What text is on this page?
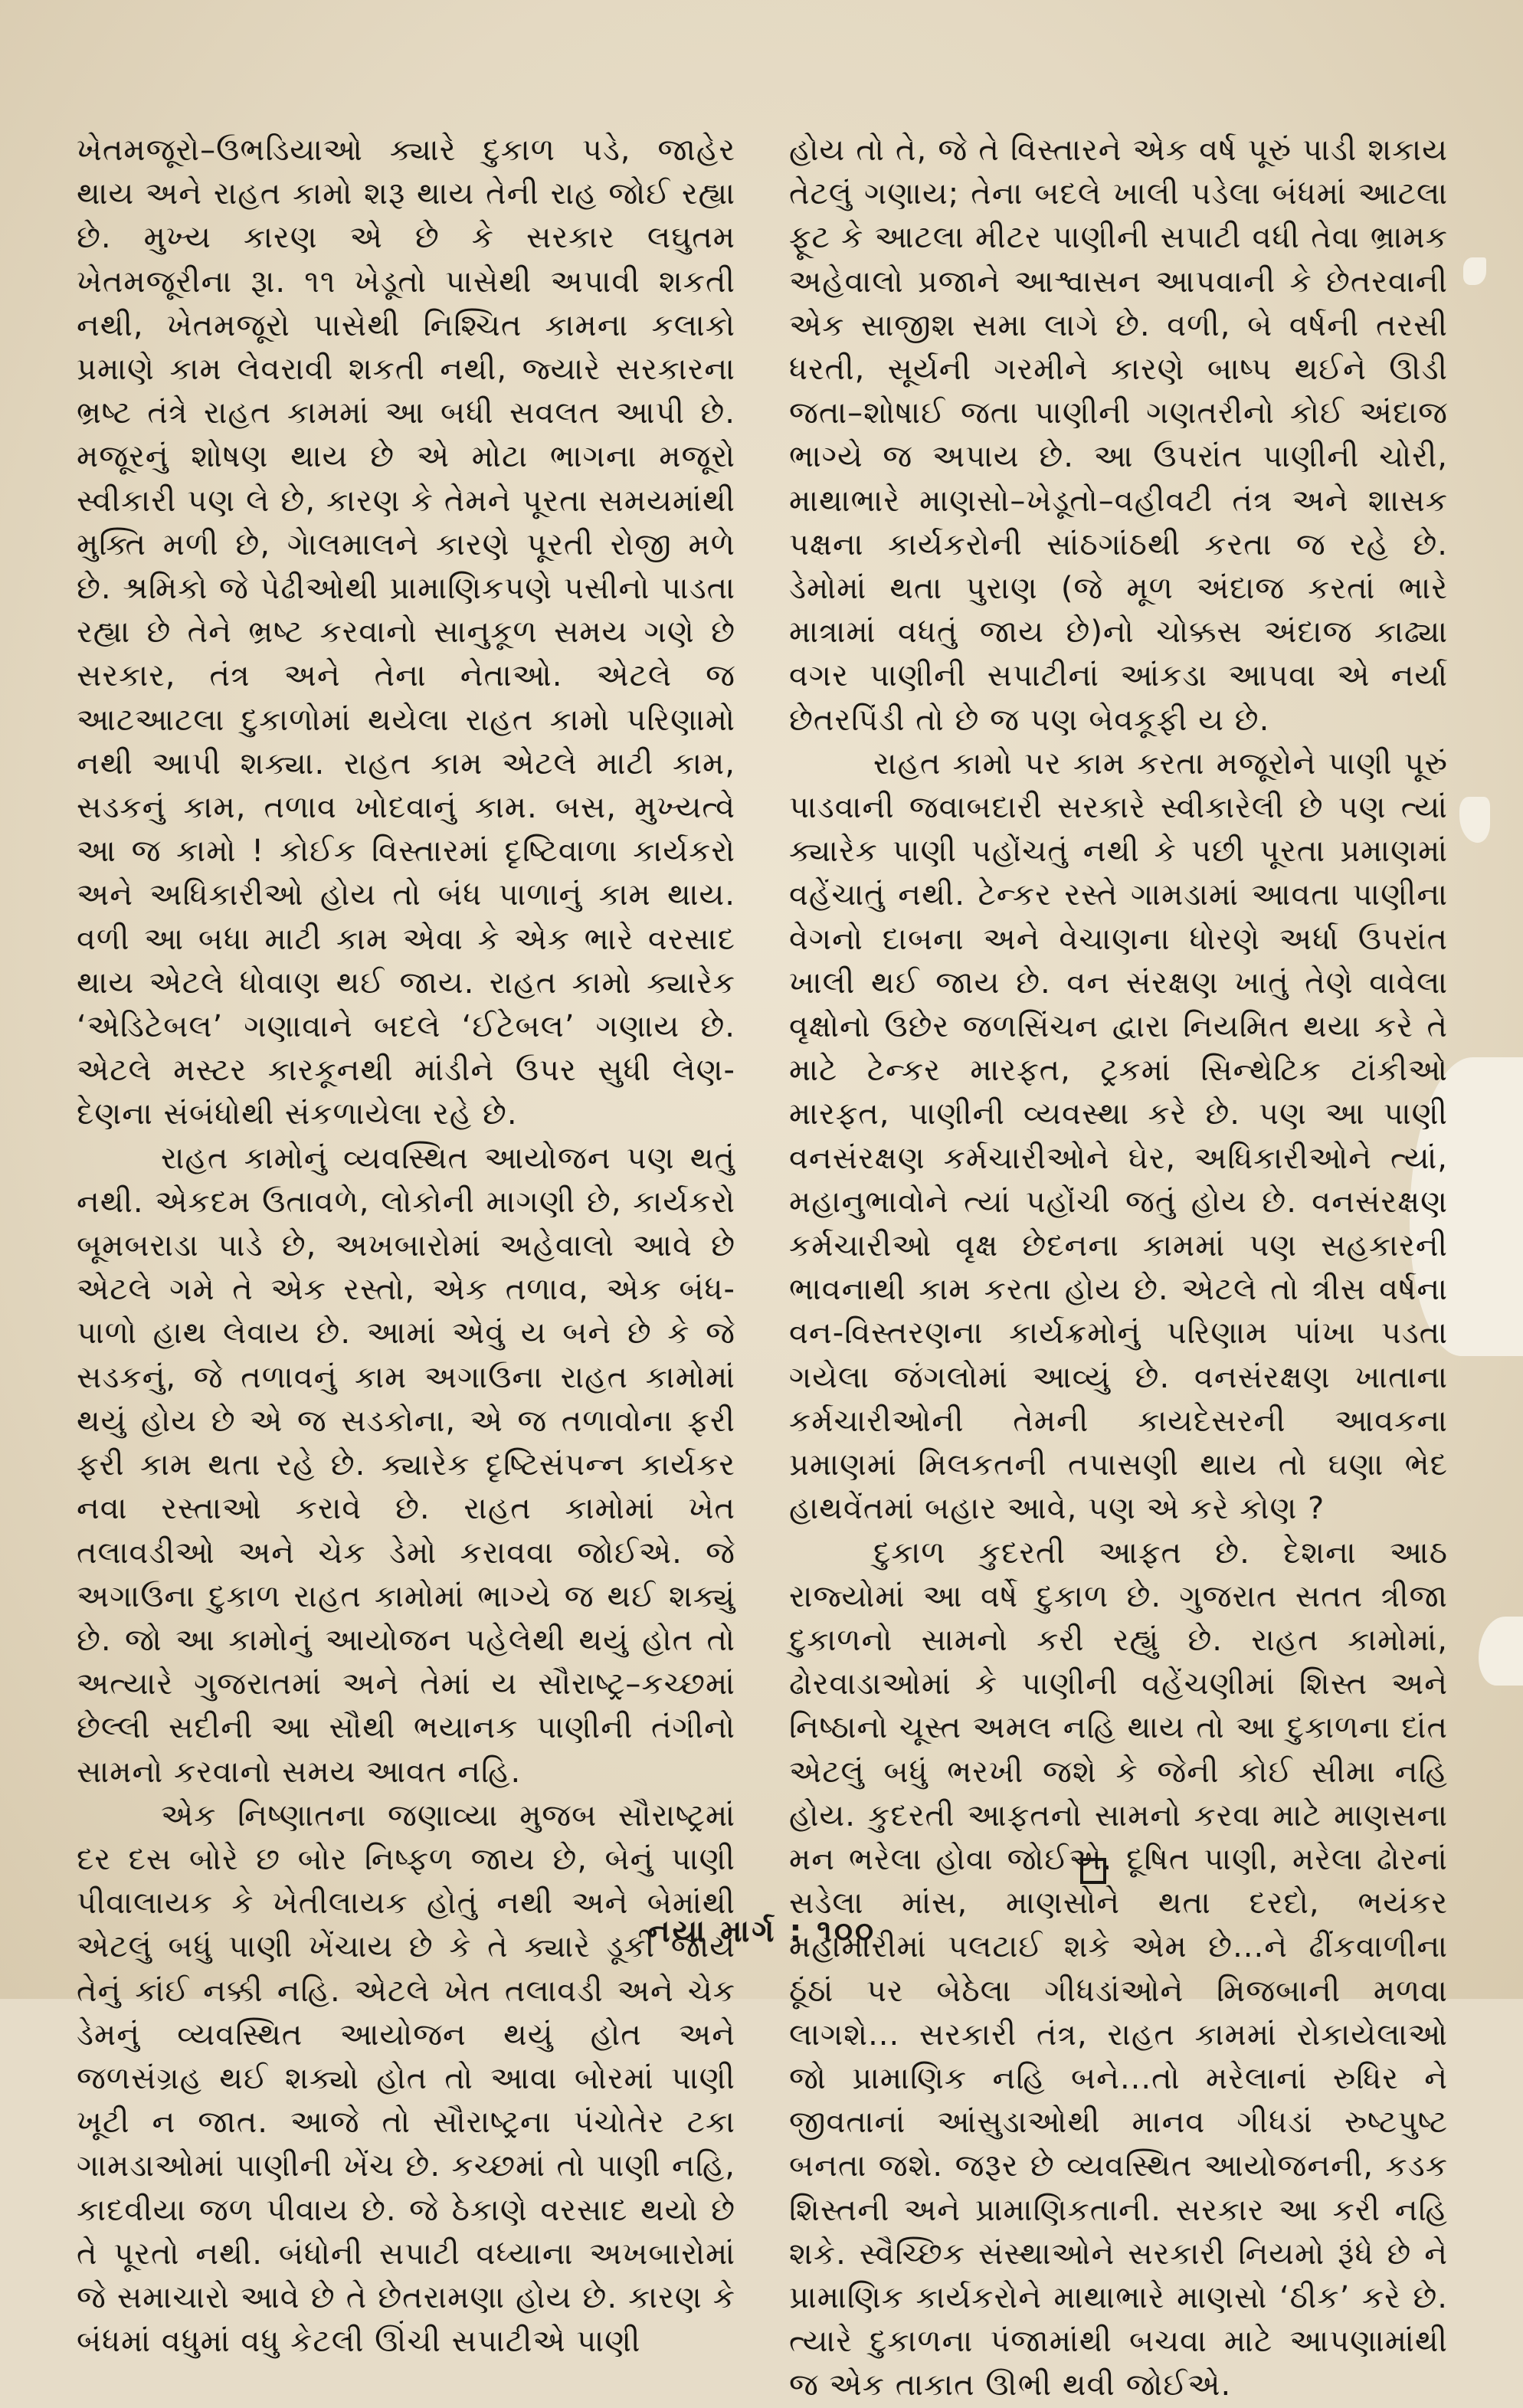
ખેતમજૂરો–ઉભડિયાઓ ક્યારે દુકાળ પડે, જાહેર થાય અને રાહત કામો શરૂ થાય તેની રાહ જોઈ રહ્યા છે. મુખ્ય કારણ એ છે કે સરકાર લઘુતમ ખેતમજૂરીના રૂા. ૧૧ ખેડૂતો પાસેથી અપાવી શકતી નથી, ખેતમજૂરો પાસેથી નિશ્ચિત કામના કલાકો પ્રમાણે કામ લેવરાવી શકતી નથી, જ્યારે સરકારના ભ્રષ્ટ તંત્રે રાહત કામમાં આ બધી સવલત આપી છે. મજૂરનું શોષણ થાય છે એ મોટા ભાગના મજૂરો સ્વીકારી પણ લે છે, કારણ કે તેમને પૂરતા સમયમાંથી મુક્તિ મળી છે, ગેાલમાલને કારણે પૂરતી રોજી મળે છે. શ્રમિકો જે પેઢીઓથી પ્રામાણિકપણે પસીનો પાડતા રહ્યા છે તેને ભ્રષ્ટ કરવાનો સાનુકૂળ સમય ગણે છે સરકાર, તંત્ર અને તેના નેતાઓ. એટલે જ આટઆટલા દુકાળોમાં થયેલા રાહત કામો પરિણામો નથી આપી શક્યા. રાહત કામ એટલે માટી કામ, સડકનું કામ, તળાવ ખોદવાનું કામ. બસ, મુખ્યત્વે આ જ કામો ! કોઈક વિસ્તારમાં દૃષ્ટિવાળા કાર્યકરો અને અધિકારીઓ હોય તો બંધ પાળાનું કામ થાય. વળી આ બધા માટી કામ એવા કે એક ભારે વરસાદ થાય એટલે ધોવાણ થઈ જાય. રાહત કામો ક્યારેક ‘એડિટેબલ’ ગણાવાને બદલે ‘ઈટેબલ’ ગણાય છે. એટલે મસ્ટર કારકૂનથી માંડીને ઉપર સુધી લેણ-દેણના સંબંધોથી સંકળાયેલા રહે છે.

રાહત કામોનું વ્યવસ્થિત આયોજન પણ થતું નથી. એકદમ ઉતાવળે, લોકોની માગણી છે, કાર્યકરો બૂમબરાડા પાડે છે, અખબારોમાં અહેવાલો આવે છે એટલે ગમે તે એક રસ્તો, એક તળાવ, એક બંધ-પાળો હાથ લેવાય છે. આમાં એવું ય બને છે કે જે સડકનું, જે તળાવનું કામ અગાઉના રાહત કામોમાં થયું હોય છે એ જ સડકોના, એ જ તળાવોના ફરી ફરી કામ થતા રહે છે. ક્યારેક દૃષ્ટિસંપન્ન કાર્યકર નવા રસ્તાઓ કરાવે છે. રાહત કામોમાં ખેત તલાવડીઓ અને ચેક ડેમો કરાવવા જોઈએ. જે અગાઉના દુકાળ રાહત કામોમાં ભાગ્યે જ થઈ શક્યું છે. જો આ કામોનું આયોજન પહેલેથી થયું હોત તો અત્યારે ગુજરાતમાં અને તેમાં ય સૌરાષ્ટ્ર–કચ્છમાં છેલ્લી સદીની આ સૌથી ભયાનક પાણીની તંગીનો સામનો કરવાનો સમય આવત નહિ.

એક નિષ્ણાતના જણાવ્યા મુજબ સૌરાષ્ટ્રમાં દર દસ બોરે છ બોર નિષ્ફળ જાય છે, બેનું પાણી પીવાલાયક કે ખેતીલાયક હોતું નથી અને બેમાંથી એટલું બધું પાણી ખેંચાય છે કે તે ક્યારે ડૂકી જાય તેનું કાંઈ નક્કી નહિ. એટલે ખેત તલાવડી અને ચેક ડેમનું વ્યવસ્થિત આયોજન થયું હોત અને જળસંગ્રહ થઈ શક્યો હોત તો આવા બોરમાં પાણી ખૂટી ન જાત. આજે તો સૌરાષ્ટ્રના પંચોતેર ટકા ગામડાઓમાં પાણીની ખેંચ છે. કચ્છમાં તો પાણી નહિ, કાદવીયા જળ પીવાય છે. જે ઠેકાણે વરસાદ થયો છે તે પૂરતો નથી. બંધોની સપાટી વધ્યાના અખબારોમાં જે સમાચારો આવે છે તે છેતરામણા હોય છે. કારણ કે બંધમાં વધુમાં વધુ કેટલી ઊંચી સપાટીએ પાણી

હોય તો તે, જે તે વિસ્તારને એક વર્ષ પૂરું પાડી શકાય તેટલું ગણાય; તેના બદલે ખાલી પડેલા બંધમાં આટલા ફૂટ કે આટલા મીટર પાણીની સપાટી વધી તેવા ભ્રામક અહેવાલો પ્રજાને આશ્વાસન આપવાની કે છેતરવાની એક સાજીશ સમા લાગે છે. વળી, બે વર્ષની તરસી ધરતી, સૂર્યની ગરમીને કારણે બાષ્પ થઈને ઊડી જતા–શોષાઈ જતા પાણીની ગણતરીનો કોઈ અંદાજ ભાગ્યે જ અપાય છે. આ ઉપરાંત પાણીની ચોરી, માથાભારે માણસો–ખેડૂતો–વહીવટી તંત્ર અને શાસક પક્ષના કાર્યકરોની સાંઠગાંઠથી કરતા જ રહે છે. ડેમોમાં થતા પુરાણ (જે મૂળ અંદાજ કરતાં ભારે માત્રામાં વધતું જાય છે)નો ચોક્કસ અંદાજ કાઢ્યા વગર પાણીની સપાટીનાં આંકડા આપવા એ નર્યા છેતરપિંડી તો છે જ પણ બેવકૂફી ય છે.

રાહત કામો પર કામ કરતા મજૂરોને પાણી પૂરું પાડવાની જવાબદારી સરકારે સ્વીકારેલી છે પણ ત્યાં ક્યારેક પાણી પહોંચતું નથી કે પછી પૂરતા પ્રમાણમાં વહેંચાતું નથી. ટેન્કર રસ્તે ગામડામાં આવતા પાણીના વેગનો દાબના અને વેચાણના ધોરણે અર્ધા ઉપરાંત ખાલી થઈ જાય છે. વન સંરક્ષણ ખાતું તેણે વાવેલા વૃક્ષોનો ઉછેર જળસિંચન દ્વારા નિયમિત થયા કરે તે માટે ટેન્કર મારફત, ટ્રકમાં સિન્થેટિક ટાંકીઓ મારફત, પાણીની વ્યવસ્થા કરે છે. પણ આ પાણી વનસંરક્ષણ કર્મચારીઓને ઘેર, અધિકારીઓને ત્યાં, મહાનુભાવોને ત્યાં પહોંચી જતું હોય છે. વનસંરક્ષણ કર્મચારીઓ વૃક્ષ છેદનના કામમાં પણ સહકારની ભાવનાથી કામ કરતા હોય છે. એટલે તો ત્રીસ વર્ષના વન-વિસ્તરણના કાર્યક્રમોનું પરિણામ પાંખા પડતા ગયેલા જંગલોમાં આવ્યું છે. વનસંરક્ષણ ખાતાના કર્મચારીઓની તેમની કાયદેસરની આવકના પ્રમાણમાં મિલકતની તપાસણી થાય તો ઘણા ભેદ હાથવેંતમાં બહાર આવે, પણ એ કરે કોણ ?

દુકાળ કુદરતી આફત છે. દેશના આઠ રાજ્યોમાં આ વર્ષે દુકાળ છે. ગુજરાત સતત ત્રીજા દુકાળનો સામનો કરી રહ્યું છે. રાહત કામોમાં, ઢોરવાડાઓમાં કે પાણીની વહેંચણીમાં શિસ્ત અને નિષ્ઠાનો ચૂસ્ત અમલ નહિ થાય તો આ દુકાળના દાંત એટલું બધું ભરખી જશે કે જેની કોઈ સીમા નહિ હોય. કુદરતી આફતનો સામનો કરવા માટે માણસના મન ભરેલા હોવા જોઈએ. દૂષિત પાણી, મરેલા ઢોરનાં સડેલા માંસ, માણસોને થતા દરદો, ભયંકર મહામારીમાં પલટાઈ શકે એમ છે...ને ઢીંકવાળીના ઠૂંઠાં પર બેઠેલા ગીધડાંઓને મિજબાની મળવા લાગશે... સરકારી તંત્ર, રાહત કામમાં રોકાયેલાઓ જો પ્રામાણિક નહિ બને...તો મરેલાનાં રુધિર ને જીવતાનાં આંસુડાઓથી માનવ ગીધડાં રુષ્ટપુષ્ટ બનતા જશે. જરૂર છે વ્યવસ્થિત આયોજનની, કડક શિસ્તની અને પ્રામાણિકતાની. સરકાર આ કરી નહિ શકે. સ્વૈચ્છિક સંસ્થાઓને સરકારી નિયમો રૂંધે છે ને પ્રામાણિક કાર્યકરોને માથાભારે માણસો ‘ઠીક’ કરે છે. ત્યારે દુકાળના પંજામાંથી બચવા માટે આપણામાંથી જ એક તાકાત ઊભી થવી જોઈએ.

નયા માર્ગ : ૧૦૦
